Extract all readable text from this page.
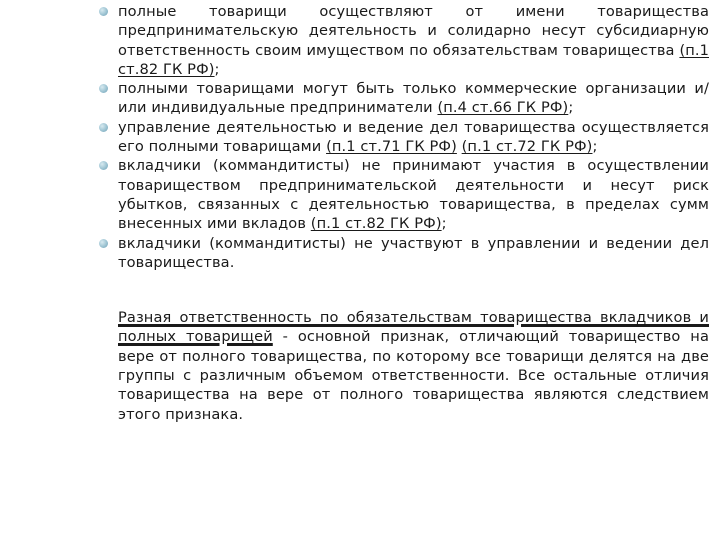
полные товарищи осуществляют от имени товарищества предпринимательскую деятельность и солидарно несут субсидиарную ответственность своим имуществом по обязательствам товарищества (п.1 ст.82 ГК РФ);
полными товарищами могут быть только коммерческие организации и/или индивидуальные предприниматели (п.4 ст.66 ГК РФ);
управление деятельностью и ведение дел товарищества осуществляется его полными товарищами (п.1 ст.71 ГК РФ) (п.1 ст.72 ГК РФ);
вкладчики (коммандитисты) не принимают участия в осуществлении товариществом предпринимательской деятельности и несут риск убытков, связанных с деятельностью товарищества, в пределах сумм внесенных ими вкладов (п.1 ст.82 ГК РФ);
вкладчики (коммандитисты) не участвуют в управлении и ведении дел товарищества.

Разная ответственность по обязательствам товарищества вкладчиков и полных товарищей - основной признак, отличающий товарищество на вере от полного товарищества, по которому все товарищи делятся на две группы с различным объемом ответственности. Все остальные отличия товарищества на вере от полного товарищества являются следствием этого признака.
